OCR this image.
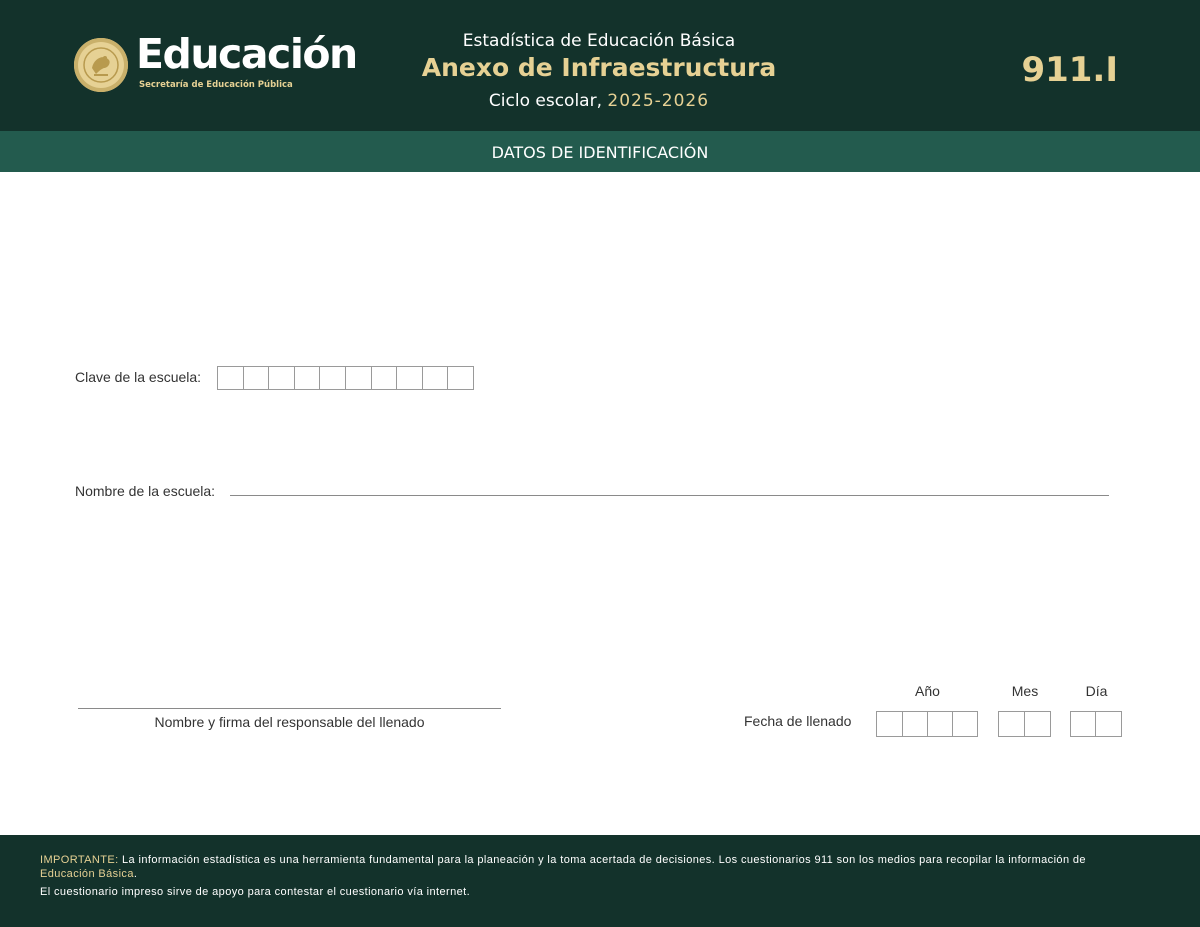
Educación
Secretaría de Educación Pública
Estadística de Educación Básica
Anexo de Infraestructura
Ciclo escolar, 2025-2026
911.I
DATOS DE IDENTIFICACIÓN
Clave de la escuela:
Nombre de la escuela:
Nombre y firma del responsable del llenado	Fecha de llenado
Año	Mes	Día

IMPORTANTE: La información estadística es una herramienta fundamental para la planeación y la toma acertada de decisiones. Los cuestionarios 911 son los medios para recopilar la información de Educación Básica.

El cuestionario impreso sirve de apoyo para contestar el cuestionario vía internet.
